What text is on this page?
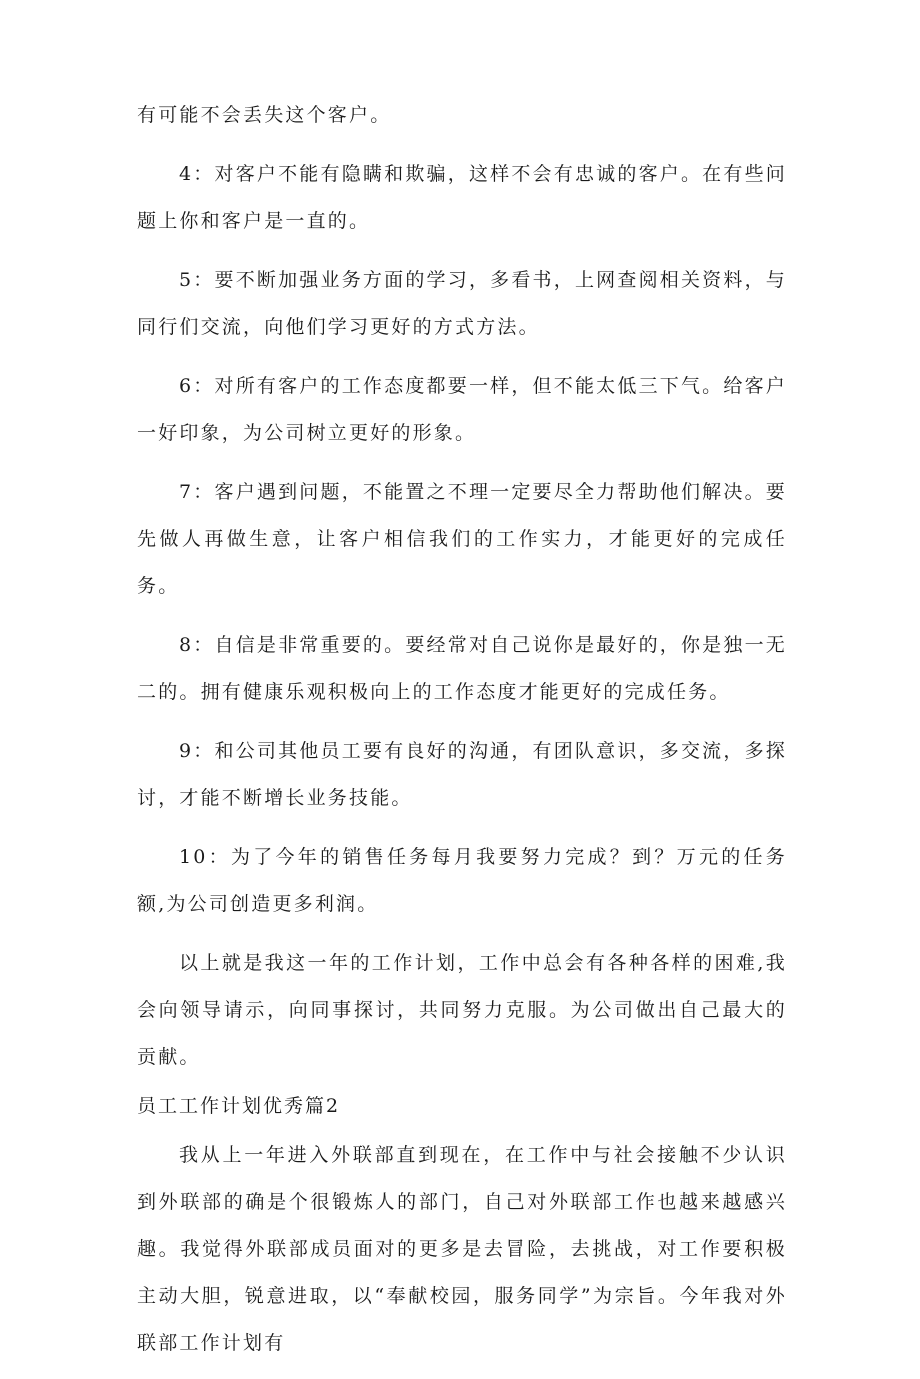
有可能不会丢失这个客户。

4：对客户不能有隐瞒和欺骗，这样不会有忠诚的客户。在有些问题上你和客户是一直的。

5：要不断加强业务方面的学习，多看书，上网查阅相关资料，与同行们交流，向他们学习更好的方式方法。

6：对所有客户的工作态度都要一样，但不能太低三下气。给客户一好印象，为公司树立更好的形象。

7：客户遇到问题，不能置之不理一定要尽全力帮助他们解决。要先做人再做生意，让客户相信我们的工作实力，才能更好的完成任务。

8：自信是非常重要的。要经常对自己说你是最好的，你是独一无二的。拥有健康乐观积极向上的工作态度才能更好的完成任务。

9：和公司其他员工要有良好的沟通，有团队意识，多交流，多探讨，才能不断增长业务技能。

10：为了今年的销售任务每月我要努力完成？到？万元的任务额,为公司创造更多利润。

以上就是我这一年的工作计划，工作中总会有各种各样的困难,我会向领导请示，向同事探讨，共同努力克服。为公司做出自己最大的贡献。

员工工作计划优秀篇2

我从上一年进入外联部直到现在，在工作中与社会接触不少认识到外联部的确是个很锻炼人的部门，自己对外联部工作也越来越感兴趣。我觉得外联部成员面对的更多是去冒险，去挑战，对工作要积极主动大胆，锐意进取，以“奉献校园，服务同学”为宗旨。今年我对外联部工作计划有
